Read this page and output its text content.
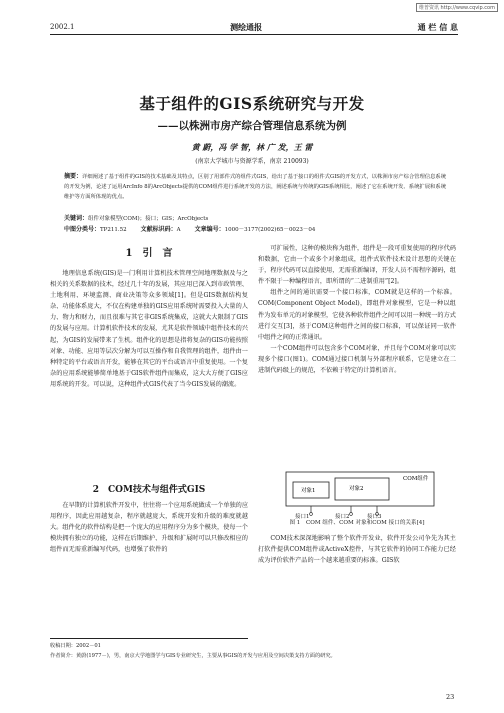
维普资讯 http://www.cqvip.com
2002.1	测绘通报	通 栏 信 息
基于组件的GIS系统研究与开发
——以株洲市房产综合管理信息系统为例
黄 蔚，冯 学 智，林 广 发，王 雷
(南京大学城市与资源学系，南京 210093)
摘要：详细阐述了基于组件的GIS的技术基础及其特点，区别了用部件式的组件式GIS，给出了基于接口的组件式GIS的开发方式，以株洲市房产综合管理信息系统的开发为例，论述了运用ArcInfo 8的ArcObjects提供的COM组件进行系统开发的方法，阐述系统与传统的GIS系统相比，阐述了它在系统开发、系统扩展和系统维护等方面所体现的优点。
关键词：组件对象模型(COM)；接口；GIS；ArcObjects
中图分类号：TP211.52 文献标识码：A 文章编号：1000－3177(2002)65－0023－04
1　引　言
地理信息系统(GIS)是一门利用计算机技术管理空间地理数据及与之相关的关系数据的技术，经过几十年的发展，其应用已深入到市政管理、土地利用、环境监测、商业决策等众多领域[1]。但是GIS数据结构复杂、功能体系庞大，不仅在构建单独的GIS应用系统时需要投入大量的人力、物力和财力，而且很难与其它非GIS系统集成，这就大大限制了GIS的发展与应用。计算机软件技术的发展，尤其是软件领域中组件技术的兴起，为GIS的发展带来了生机。组件化的思想是指将复杂的GIS功能按照对象、功能、应用等层次分解为可以互操作和自我管理的组件，组件由一种特定的平台或语言开发，能够在其它的平台或语言中重复使用。一个复杂的应用系统能够简单地基于GIS软件组件而集成，这大大方便了GIS应用系统的开发。可以说，这种组件式GIS代表了当今GIS发展的潮流。
2　COM技术与组件式GIS
在早期的计算机软件开发中，往往将一个应用系统做成一个单独的应用程序，因此应用越复杂，程序就越庞大，系统开发和升级的难度就越大。组件化的软件结构是把一个庞大的应用程序分为多个模块，使每一个模块拥有独立的功能，这样在后期维护、升级和扩展时可以只修改相应的组件而无需重新编写代码，也增强了软件的
可扩展性，这种的模块称为组件，组件是一段可重复使用的程序代码和数据，它由一个或多个对象组成，组件式软件技术设计思想的关键在于，程序代码可以直接使用，无需重新编译，开发人员不需程序源码，组件不限于一种编程语言，即所谓的“二进制重用”[2]。
组件之间的通讯需要一个接口标准，COM就是这样的一个标准。COM(Component Object Model)，即组件对象模型，它是一种以组件为发布单元的对象模型，它使各种软件组件之间可以用一种统一的方式进行交互[3]，基于COM这种组件之间的接口标准，可以保证同一软件中组件之间的正常通讯。
一个COM组件可以包含多个COM对象，并且每个COM对象可以实现多个接口(图1)。COM通过接口机制与外部程序联系，它是建立在二进制代码级上的规范，不依赖于特定的计算机语言。
COM组件
对象1	对象2
接口1	接口2	接口3
图 1　COM 组件、COM 对象和COM 接口的关系[4]
COM技术深深地影响了整个软件开发业，软件开发公司争先为其主打软件提供COM组件或ActiveX控件，与其它软件的协同工作能力已经成为评价软件产品的一个越来越重要的标准。GIS软
收稿日期：2002－01
作者简介：黄蔚(1977－)，男，南京大学地图学与GIS专业研究生，主要从事GIS的开发与应用及空间决策支持方面的研究。
23
